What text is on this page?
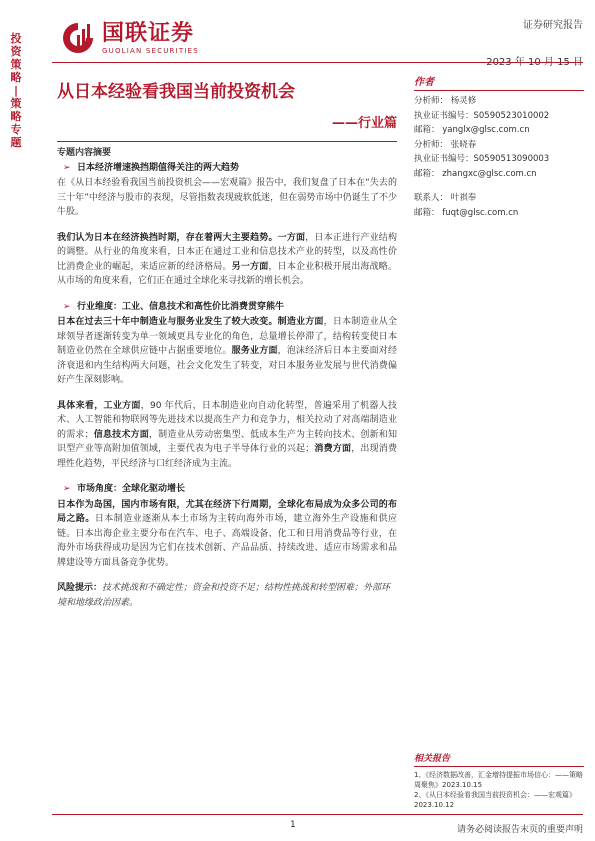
投
资
策
略
|
策
略
专
题
国联证券
GUOLIAN SECURITIES
证券研究报告
从日本经验看我国当前投资机会
——行业篇
专题内容摘要
➢ 日本经济增速换挡期值得关注的两大趋势
在《从日本经验看我国当前投资机会——宏观篇》报告中，我们复盘了日本在“失去的三十年”中经济与股市的表现，尽管指数表现疲软低迷，但在弱势市场中仍诞生了不少牛股。
我们认为日本在经济换挡时期，存在着两大主要趋势。一方面，日本正进行产业结构的调整。从行业的角度来看，日本正在通过工业和信息技术产业的转型，以及高性价比消费企业的崛起，来适应新的经济格局。另一方面，日本企业积极开展出海战略。从市场的角度来看，它们正在通过全球化来寻找新的增长机会。
➢ 行业维度：工业、信息技术和高性价比消费贯穿熊牛
日本在过去三十年中制造业与服务业发生了较大改变。制造业方面，日本制造业从全球领导者逐渐转变为单一领域更具专业化的角色，总量增长停滞了，结构转变使日本制造业仍然在全球供应链中占据重要地位。服务业方面，泡沫经济后日本主要面对经济衰退和内生结构两大问题，社会文化发生了转变，对日本服务业发展与世代消费偏好产生深刻影响。
具体来看，工业方面，90 年代后，日本制造业向自动化转型，普遍采用了机器人技术、人工智能和物联网等先进技术以提高生产力和竞争力，相关拉动了对高端制造业的需求；信息技术方面，制造业从劳动密集型、低成本生产为主转向技术、创新和知识型产业等高附加值领域，主要代表为电子半导体行业的兴起；消费方面，出现消费理性化趋势，平民经济与口红经济成为主流。
➢ 市场角度：全球化驱动增长
日本作为岛国，国内市场有限，尤其在经济下行周期，全球化布局成为众多公司的布局之路。日本制造业逐渐从本土市场为主转向海外市场，建立海外生产设施和供应链。日本出海企业主要分布在汽车、电子、高端设备、化工和日用消费品等行业，在海外市场获得成功是因为它们在技术创新、产品品质、持续改进、适应市场需求和品牌建设等方面具备竞争优势。
风险提示：技术挑战和不确定性；资金和投资不足；结构性挑战和转型困难；外部环境和地缘政治因素。
作者
分析师： 杨灵修
执业证书编号：S0590523010002
邮箱： yanglx@glsc.com.cn
分析师： 张晓春
执业证书编号：S0590513090003
邮箱： zhangxc@glsc.com.cn
联系人： 叶祺奉
邮箱： fuqt@glsc.com.cn
相关报告
1、《经济数据改善，汇金增持提振市场信心：——策略周聚焦》2023.10.15
2、《从日本经验看我国当前投资机会：——宏观篇》2023.10.12
1	请务必阅读报告末页的重要声明
